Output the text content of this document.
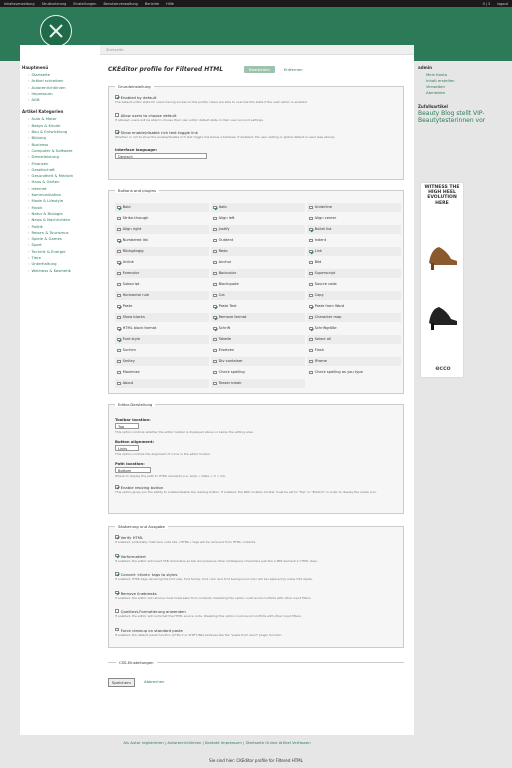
Inhaltsverwaltung Strukturierung Einstellungen Benutzerverwaltung Berichte Hilfe	0 | 3 logout
Startseite
Hauptmenü
› Startseite
› Artikel schreiben
› Autorenrichtlinien
› Impressum
› AGB
Artikel Kategorien
› Auto & Motor
› Babys & Kinder
› Bau & Entwicklung
› Bildung
› Business
› Computer & Software
› Dienstleistung
› Finanzen
› Gesellschaft
› Gesundheit & Medizin
› Haus & Garten
› Internet
› Kommunikation
› Mode & Lifestyle
› Musik
› Natur & Biologie
› News & Nachrichten
› Politik
› Reisen & Tourismus
› Spiele & Games
› Sport
› Technik & Energie
› Tiere
› Unterhaltung
› Wellness & Kosmetik
CKEditor profile for Filtered HTML	Bearbeiten	Entfernen
Grundeinstellung
Enabled by default
The default editor state for users having access to this profile. Users are able to override this state if the next option is enabled.
Allow users to choose default
If allowed, users will be able to choose their own editor default state in their user account settings.
Show enable/disable rich text toggle link
Whether or not to show the enable/disable rich text toggle link below a textarea. If disabled, the user setting or global default is used (see above).
Interface language:
Deutsch
Buttons and plugins
Bold	Italic	Underline
Strike-through	Align left	Align center
Align right	Justify	Bullet list
Numbered list	Outdent	Indent
Rückgängig	Redo	Link
Unlink	Anchor	Bild
Forecolor	Backcolor	Superscript
Subscript	Blockquote	Source code
Horizontal rule	Cut	Copy
Paste	Paste Text	Paste from Word
Show blocks	Remove format	Character map
HTML block format	Schrift	Schriftgröße
Font style	Tabelle	Select all
Suchen	Ersetzen	Flash
Smiley	Div container	IFrame
Maximize	Check spelling	Check spelling as you type
About	Teaser break
Editor-Darstellung
Toolbar location:
Top
This option controls whether the editor toolbar is displayed above or below the editing area.
Button alignment:
Links
This option controls the alignment of icons in the editor toolbar.
Path location:
Bottom
Where to display the path to HTML elements (i.e. body > table > tr > td).
Enable resizing button
This option gives you the ability to enable/disable the resizing button. If enabled, the Path location toolbar must be set to "Top" or "Bottom" in order to display the resize icon.
Säuberung und Ausgabe
Verify HTML
If enabled, potentially malicious code like <HTML> tags will be removed from HTML contents.
Vorformatiert
If enabled, the editor will insert TAB characters as tab and preserve other whitespace characters just like a PRE element in HTML does.
Convert <font> tags to styles
If enabled, HTML tags declaring the font size, font family, font color and font background color will be replaced by inline CSS styles.
Remove linebreaks
If enabled, the editor will remove most linebreaks from contents. Disabling this option could avoid conflicts with other input filters.
Quelltext-Formatierung anwenden
If enabled, the editor will re-format the HTML source code. Disabling this option could avoid conflicts with other input filters.
Force cleanup on standard paste
If enabled, the default paste function (CTRL-V or SHIFT-INS) behaves like the "paste from word" plugin function.
CSS-Einstellungen
Speichern	Abbrechen
admin
Mein Konto
Inhalt erstellen
Verwalten
Abmelden
Zufallsartikel
Beauty Blog stellt VIP-Beautytesterinnen vor
WITNESS THE HIGH HEEL EVOLUTION HERE
ecco
Als Autor registrieren | Autorenrichtlinien | Kontakt Impressum | Startseite Online Artikel Verfassen
Sie sind hier: CKEditor profile for Filtered HTML
